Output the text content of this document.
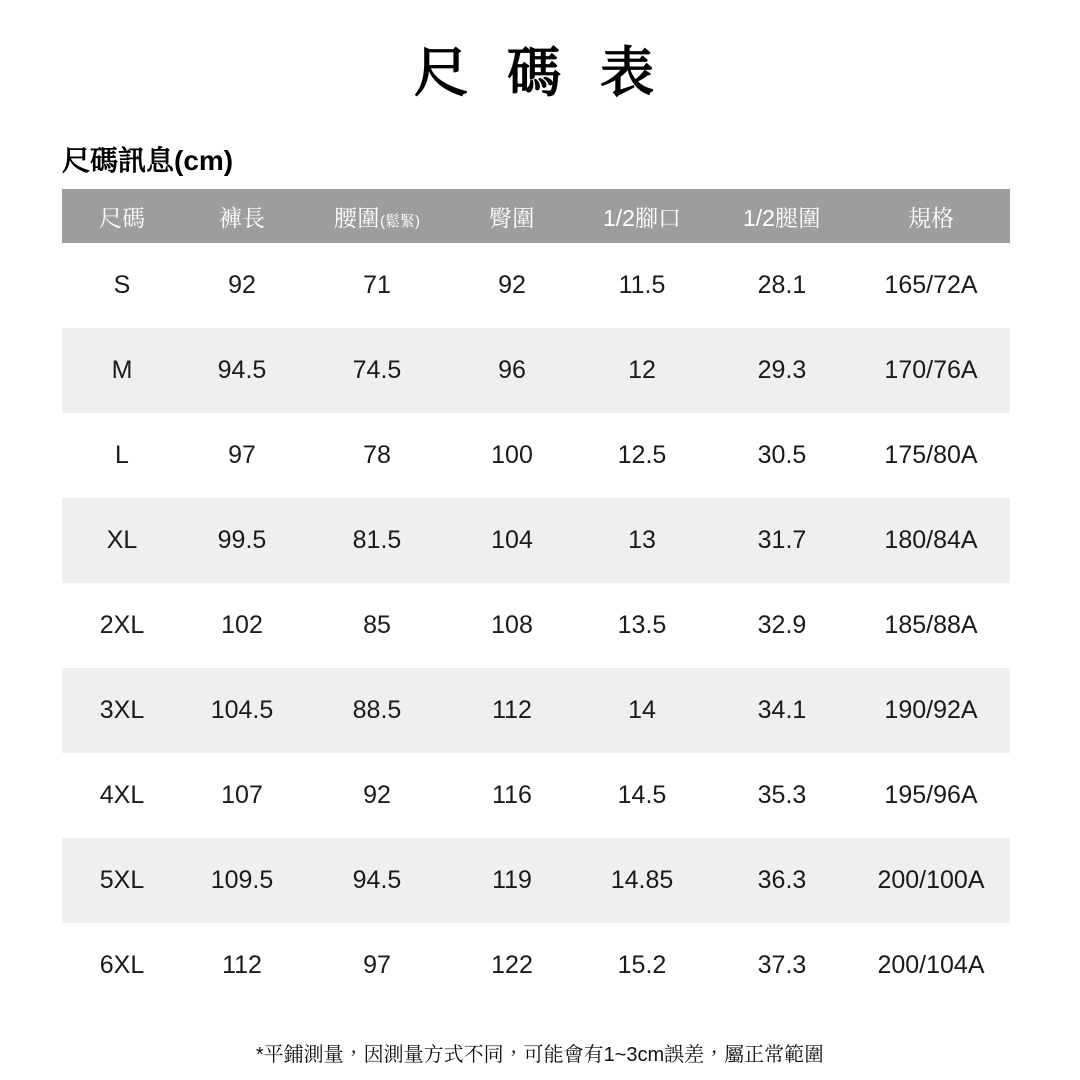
尺 碼 表
尺碼訊息(cm)
尺碼	褲長	腰圍(鬆緊)	臀圍	1/2腳口	1/2腿圍	規格
S	92	71	92	11.5	28.1	165/72A
M	94.5	74.5	96	12	29.3	170/76A
L	97	78	100	12.5	30.5	175/80A
XL	99.5	81.5	104	13	31.7	180/84A
2XL	102	85	108	13.5	32.9	185/88A
3XL	104.5	88.5	112	14	34.1	190/92A
4XL	107	92	116	14.5	35.3	195/96A
5XL	109.5	94.5	119	14.85	36.3	200/100A
6XL	112	97	122	15.2	37.3	200/104A
*平鋪測量，因測量方式不同，可能會有1~3cm誤差，屬正常範圍
